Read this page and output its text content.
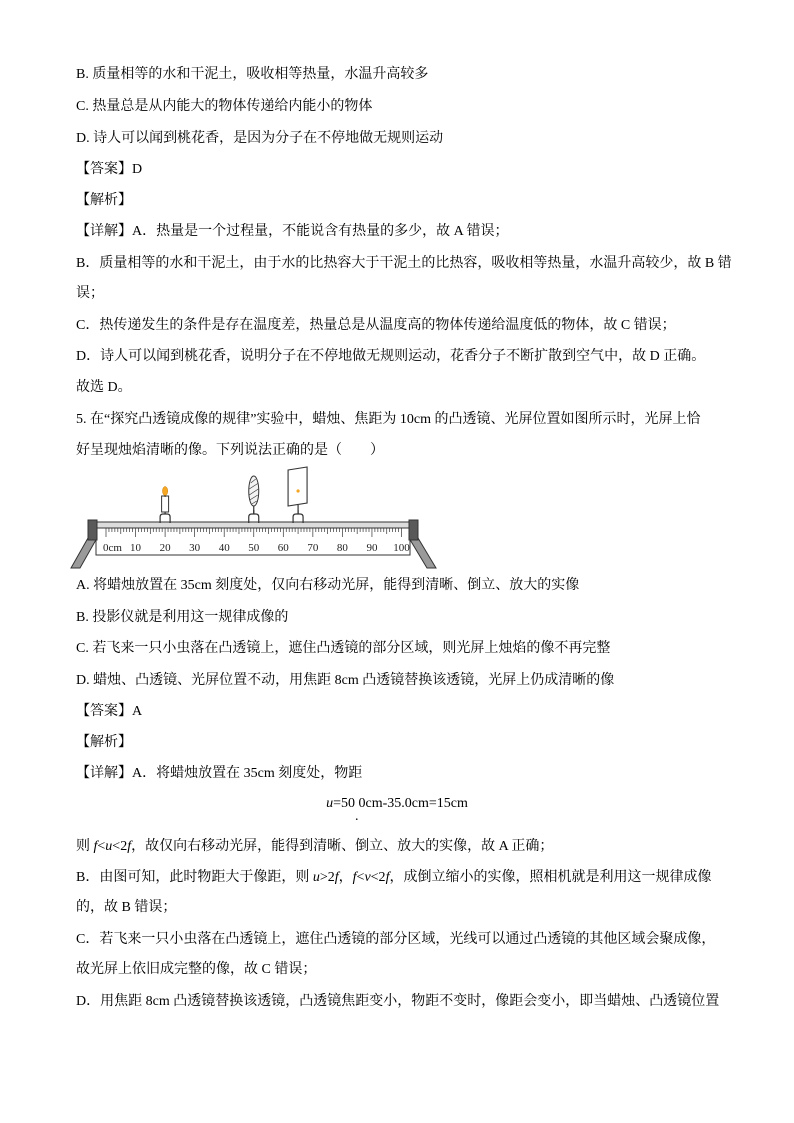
B. 质量相等的水和干泥土，吸收相等热量，水温升高较多
C. 热量总是从内能大的物体传递给内能小的物体
D. 诗人可以闻到桃花香，是因为分子在不停地做无规则运动
【答案】D
【解析】
【详解】A．热量是一个过程量，不能说含有热量的多少，故 A 错误；
B．质量相等的水和干泥土，由于水的比热容大于干泥土的比热容，吸收相等热量，水温升高较少，故 B 错
误；
C．热传递发生的条件是存在温度差，热量总是从温度高的物体传递给温度低的物体，故 C 错误；
D．诗人可以闻到桃花香，说明分子在不停地做无规则运动，花香分子不断扩散到空气中，故 D 正确。
故选 D。
5. 在“探究凸透镜成像的规律”实验中，蜡烛、焦距为 10cm 的凸透镜、光屏位置如图所示时，光屏上恰
好呈现烛焰清晰的像。下列说法正确的是（　　）
0cm 10 20 30 40 50 60 70 80 90 100
A. 将蜡烛放置在 35cm 刻度处，仅向右移动光屏，能得到清晰、倒立、放大的实像
B. 投影仪就是利用这一规律成像的
C. 若飞来一只小虫落在凸透镜上，遮住凸透镜的部分区域，则光屏上烛焰的像不再完整
D. 蜡烛、凸透镜、光屏位置不动，用焦距 8cm 凸透镜替换该透镜，光屏上仍成清晰的像
【答案】A
【解析】
【详解】A．将蜡烛放置在 35cm 刻度处，物距
u=50.0cm-35.0cm=15cm
则 f<u<2f，故仅向右移动光屏，能得到清晰、倒立、放大的实像，故 A 正确；
B．由图可知，此时物距大于像距，则 u>2f，f<v<2f，成倒立缩小的实像，照相机就是利用这一规律成像
的，故 B 错误；
C．若飞来一只小虫落在凸透镜上，遮住凸透镜的部分区域，光线可以通过凸透镜的其他区域会聚成像，
故光屏上依旧成完整的像，故 C 错误；
D．用焦距 8cm 凸透镜替换该透镜，凸透镜焦距变小，物距不变时，像距会变小，即当蜡烛、凸透镜位置
